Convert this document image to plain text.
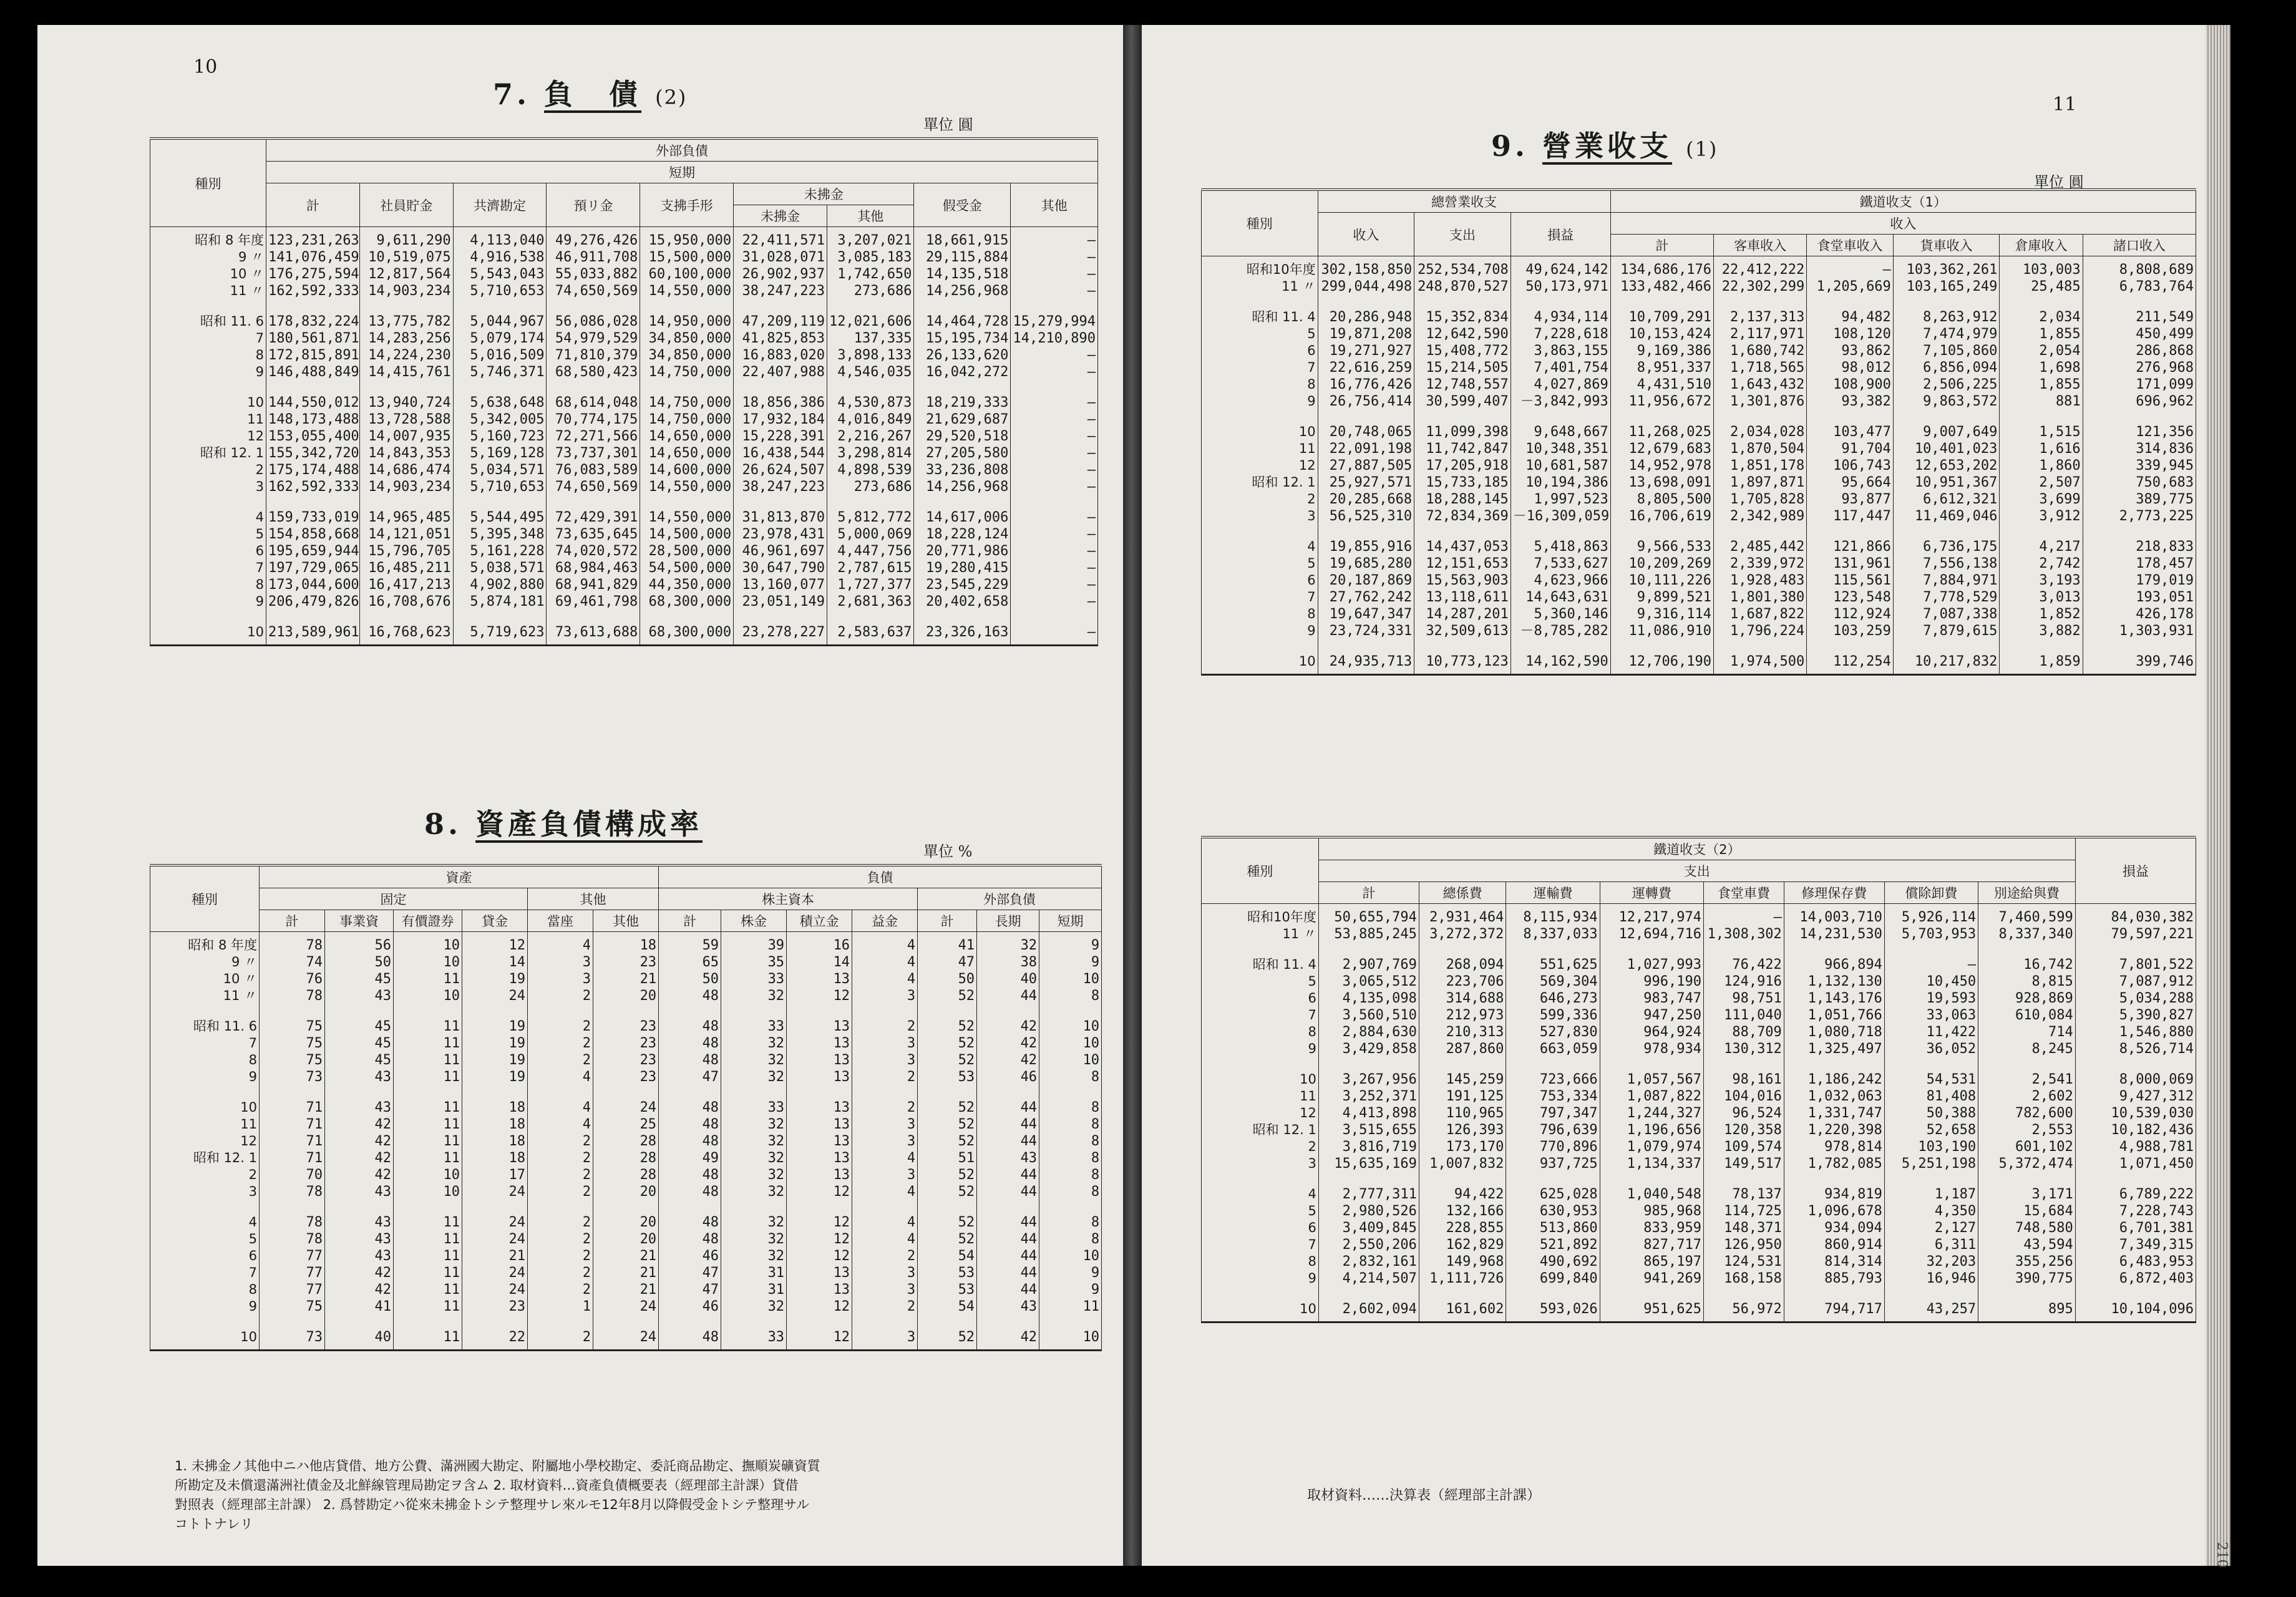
10
7. 負　債 (2)
單位 圓
種別	外部負債								
	短期								
	計	社員貯金	共濟勘定	預リ金	支拂手形	未拂金		假受金	其他
						未拂金	其他		
昭和 8 年度	123,231,263	9,611,290	4,113,040	49,276,426	15,950,000	22,411,571	3,207,021	18,661,915	—
9 〃	141,076,459	10,519,075	4,916,538	46,911,708	15,500,000	31,028,071	3,085,183	29,115,884	—
10 〃	176,275,594	12,817,564	5,543,043	55,033,882	60,100,000	26,902,937	1,742,650	14,135,518	—
11 〃	162,592,333	14,903,234	5,710,653	74,650,569	14,550,000	38,247,223	273,686	14,256,968	—

昭和 11. 6	178,832,224	13,775,782	5,044,967	56,086,028	14,950,000	47,209,119	12,021,606	14,464,728	15,279,994
7	180,561,871	14,283,256	5,079,174	54,979,529	34,850,000	41,825,853	137,335	15,195,734	14,210,890
8	172,815,891	14,224,230	5,016,509	71,810,379	34,850,000	16,883,020	3,898,133	26,133,620	—
9	146,488,849	14,415,761	5,746,371	68,580,423	14,750,000	22,407,988	4,546,035	16,042,272	—

10	144,550,012	13,940,724	5,638,648	68,614,048	14,750,000	18,856,386	4,530,873	18,219,333	—
11	148,173,488	13,728,588	5,342,005	70,774,175	14,750,000	17,932,184	4,016,849	21,629,687	—
12	153,055,400	14,007,935	5,160,723	72,271,566	14,650,000	15,228,391	2,216,267	29,520,518	—
昭和 12. 1	155,342,720	14,843,353	5,169,128	73,737,301	14,650,000	16,438,544	3,298,814	27,205,580	—
2	175,174,488	14,686,474	5,034,571	76,083,589	14,600,000	26,624,507	4,898,539	33,236,808	—
3	162,592,333	14,903,234	5,710,653	74,650,569	14,550,000	38,247,223	273,686	14,256,968	—

4	159,733,019	14,965,485	5,544,495	72,429,391	14,550,000	31,813,870	5,812,772	14,617,006	—
5	154,858,668	14,121,051	5,395,348	73,635,645	14,500,000	23,978,431	5,000,069	18,228,124	—
6	195,659,944	15,796,705	5,161,228	74,020,572	28,500,000	46,961,697	4,447,756	20,771,986	—
7	197,729,065	16,485,211	5,038,571	68,984,463	54,500,000	30,647,790	2,787,615	19,280,415	—
8	173,044,600	16,417,213	4,902,880	68,941,829	44,350,000	13,160,077	1,727,377	23,545,229	—
9	206,479,826	16,708,676	5,874,181	69,461,798	68,300,000	23,051,149	2,681,363	20,402,658	—

10	213,589,961	16,768,623	5,719,623	73,613,688	68,300,000	23,278,227	2,583,637	23,326,163	—
8. 資產負債構成率
單位 %
種別	資產						負債						
	固定				其他		株主資本				外部負債		
	計	事業資	有價證券	貸金	當座	其他	計	株金	積立金	益金	計	長期	短期
昭和 8 年度	78	56	10	12	4	18	59	39	16	4	41	32	9
9 〃	74	50	10	14	3	23	65	35	14	4	47	38	9
10 〃	76	45	11	19	3	21	50	33	13	4	50	40	10
11 〃	78	43	10	24	2	20	48	32	12	3	52	44	8

昭和 11. 6	75	45	11	19	2	23	48	33	13	2	52	42	10
7	75	45	11	19	2	23	48	32	13	3	52	42	10
8	75	45	11	19	2	23	48	32	13	3	52	42	10
9	73	43	11	19	4	23	47	32	13	2	53	46	8

10	71	43	11	18	4	24	48	33	13	2	52	44	8
11	71	42	11	18	4	25	48	32	13	3	52	44	8
12	71	42	11	18	2	28	48	32	13	3	52	44	8
昭和 12. 1	71	42	11	18	2	28	49	32	13	4	51	43	8
2	70	42	10	17	2	28	48	32	13	3	52	44	8
3	78	43	10	24	2	20	48	32	12	4	52	44	8

4	78	43	11	24	2	20	48	32	12	4	52	44	8
5	78	43	11	24	2	20	48	32	12	4	52	44	8
6	77	43	11	21	2	21	46	32	12	2	54	44	10
7	77	42	11	24	2	21	47	31	13	3	53	44	9
8	77	42	11	24	2	21	47	31	13	3	53	44	9
9	75	41	11	23	1	24	46	32	12	2	54	43	11

10	73	40	11	22	2	24	48	33	12	3	52	42	10
1. 未拂金ノ其他中ニハ他店貸借、地方公費、滿洲國大勘定、附屬地小學校勘定、委託商品勘定、撫順炭礦資質
所勘定及未償還滿洲社債金及北鮮線管理局勘定ヲ含ム 2. 取材資料…資產負債概要表（經理部主計課）貸借
對照表（經理部主計課） 2. 爲替勘定ハ從來未拂金トシテ整理サレ來ルモ12年8月以降假受金トシテ整理サル
コトトナレリ
11
9. 營業收支 (1)
單位 圓
種別	總營業收支			鐵道收支（1）					
	收入	支出	損益	收入					
				計	客車收入	食堂車收入	貨車收入	倉庫收入	諸口收入
昭和10年度	302,158,850	252,534,708	49,624,142	134,686,176	22,412,222	—	103,362,261	103,003	8,808,689
11 〃	299,044,498	248,870,527	50,173,971	133,482,466	22,302,299	1,205,669	103,165,249	25,485	6,783,764

昭和 11. 4	20,286,948	15,352,834	4,934,114	10,709,291	2,137,313	94,482	8,263,912	2,034	211,549
5	19,871,208	12,642,590	7,228,618	10,153,424	2,117,971	108,120	7,474,979	1,855	450,499
6	19,271,927	15,408,772	3,863,155	9,169,386	1,680,742	93,862	7,105,860	2,054	286,868
7	22,616,259	15,214,505	7,401,754	8,951,337	1,718,565	98,012	6,856,094	1,698	276,968
8	16,776,426	12,748,557	4,027,869	4,431,510	1,643,432	108,900	2,506,225	1,855	171,099
9	26,756,414	30,599,407	－3,842,993	11,956,672	1,301,876	93,382	9,863,572	881	696,962

10	20,748,065	11,099,398	9,648,667	11,268,025	2,034,028	103,477	9,007,649	1,515	121,356
11	22,091,198	11,742,847	10,348,351	12,679,683	1,870,504	91,704	10,401,023	1,616	314,836
12	27,887,505	17,205,918	10,681,587	14,952,978	1,851,178	106,743	12,653,202	1,860	339,945
昭和 12. 1	25,927,571	15,733,185	10,194,386	13,698,091	1,897,871	95,664	10,951,367	2,507	750,683
2	20,285,668	18,288,145	1,997,523	8,805,500	1,705,828	93,877	6,612,321	3,699	389,775
3	56,525,310	72,834,369	－16,309,059	16,706,619	2,342,989	117,447	11,469,046	3,912	2,773,225

4	19,855,916	14,437,053	5,418,863	9,566,533	2,485,442	121,866	6,736,175	4,217	218,833
5	19,685,280	12,151,653	7,533,627	10,209,269	2,339,972	131,961	7,556,138	2,742	178,457
6	20,187,869	15,563,903	4,623,966	10,111,226	1,928,483	115,561	7,884,971	3,193	179,019
7	27,762,242	13,118,611	14,643,631	9,899,521	1,801,380	123,548	7,778,529	3,013	193,051
8	19,647,347	14,287,201	5,360,146	9,316,114	1,687,822	112,924	7,087,338	1,852	426,178
9	23,724,331	32,509,613	－8,785,282	11,086,910	1,796,224	103,259	7,879,615	3,882	1,303,931

10	24,935,713	10,773,123	14,162,590	12,706,190	1,974,500	112,254	10,217,832	1,859	399,746
種別	鐵道收支（2）								損益
	支出								
	計	總係費	運輸費	運轉費	食堂車費	修理保存費	償除卸費	別途給與費	
昭和10年度	50,655,794	2,931,464	8,115,934	12,217,974	—	14,003,710	5,926,114	7,460,599	84,030,382
11 〃	53,885,245	3,272,372	8,337,033	12,694,716	1,308,302	14,231,530	5,703,953	8,337,340	79,597,221

昭和 11. 4	2,907,769	268,094	551,625	1,027,993	76,422	966,894	—	16,742	7,801,522
5	3,065,512	223,706	569,304	996,190	124,916	1,132,130	10,450	8,815	7,087,912
6	4,135,098	314,688	646,273	983,747	98,751	1,143,176	19,593	928,869	5,034,288
7	3,560,510	212,973	599,336	947,250	111,040	1,051,766	33,063	610,084	5,390,827
8	2,884,630	210,313	527,830	964,924	88,709	1,080,718	11,422	714	1,546,880
9	3,429,858	287,860	663,059	978,934	130,312	1,325,497	36,052	8,245	8,526,714

10	3,267,956	145,259	723,666	1,057,567	98,161	1,186,242	54,531	2,541	8,000,069
11	3,252,371	191,125	753,334	1,087,822	104,016	1,032,063	81,408	2,602	9,427,312
12	4,413,898	110,965	797,347	1,244,327	96,524	1,331,747	50,388	782,600	10,539,030
昭和 12. 1	3,515,655	126,393	796,639	1,196,656	120,358	1,220,398	52,658	2,553	10,182,436
2	3,816,719	173,170	770,896	1,079,974	109,574	978,814	103,190	601,102	4,988,781
3	15,635,169	1,007,832	937,725	1,134,337	149,517	1,782,085	5,251,198	5,372,474	1,071,450

4	2,777,311	94,422	625,028	1,040,548	78,137	934,819	1,187	3,171	6,789,222
5	2,980,526	132,166	630,953	985,968	114,725	1,096,678	4,350	15,684	7,228,743
6	3,409,845	228,855	513,860	833,959	148,371	934,094	2,127	748,580	6,701,381
7	2,550,206	162,829	521,892	827,717	126,950	860,914	6,311	43,594	7,349,315
8	2,832,161	149,968	490,692	865,197	124,531	814,314	32,203	355,256	6,483,953
9	4,214,507	1,111,726	699,840	941,269	168,158	885,793	16,946	390,775	6,872,403

10	2,602,094	161,602	593,026	951,625	56,972	794,717	43,257	895	10,104,096
取材資料……決算表（經理部主計課）
210
